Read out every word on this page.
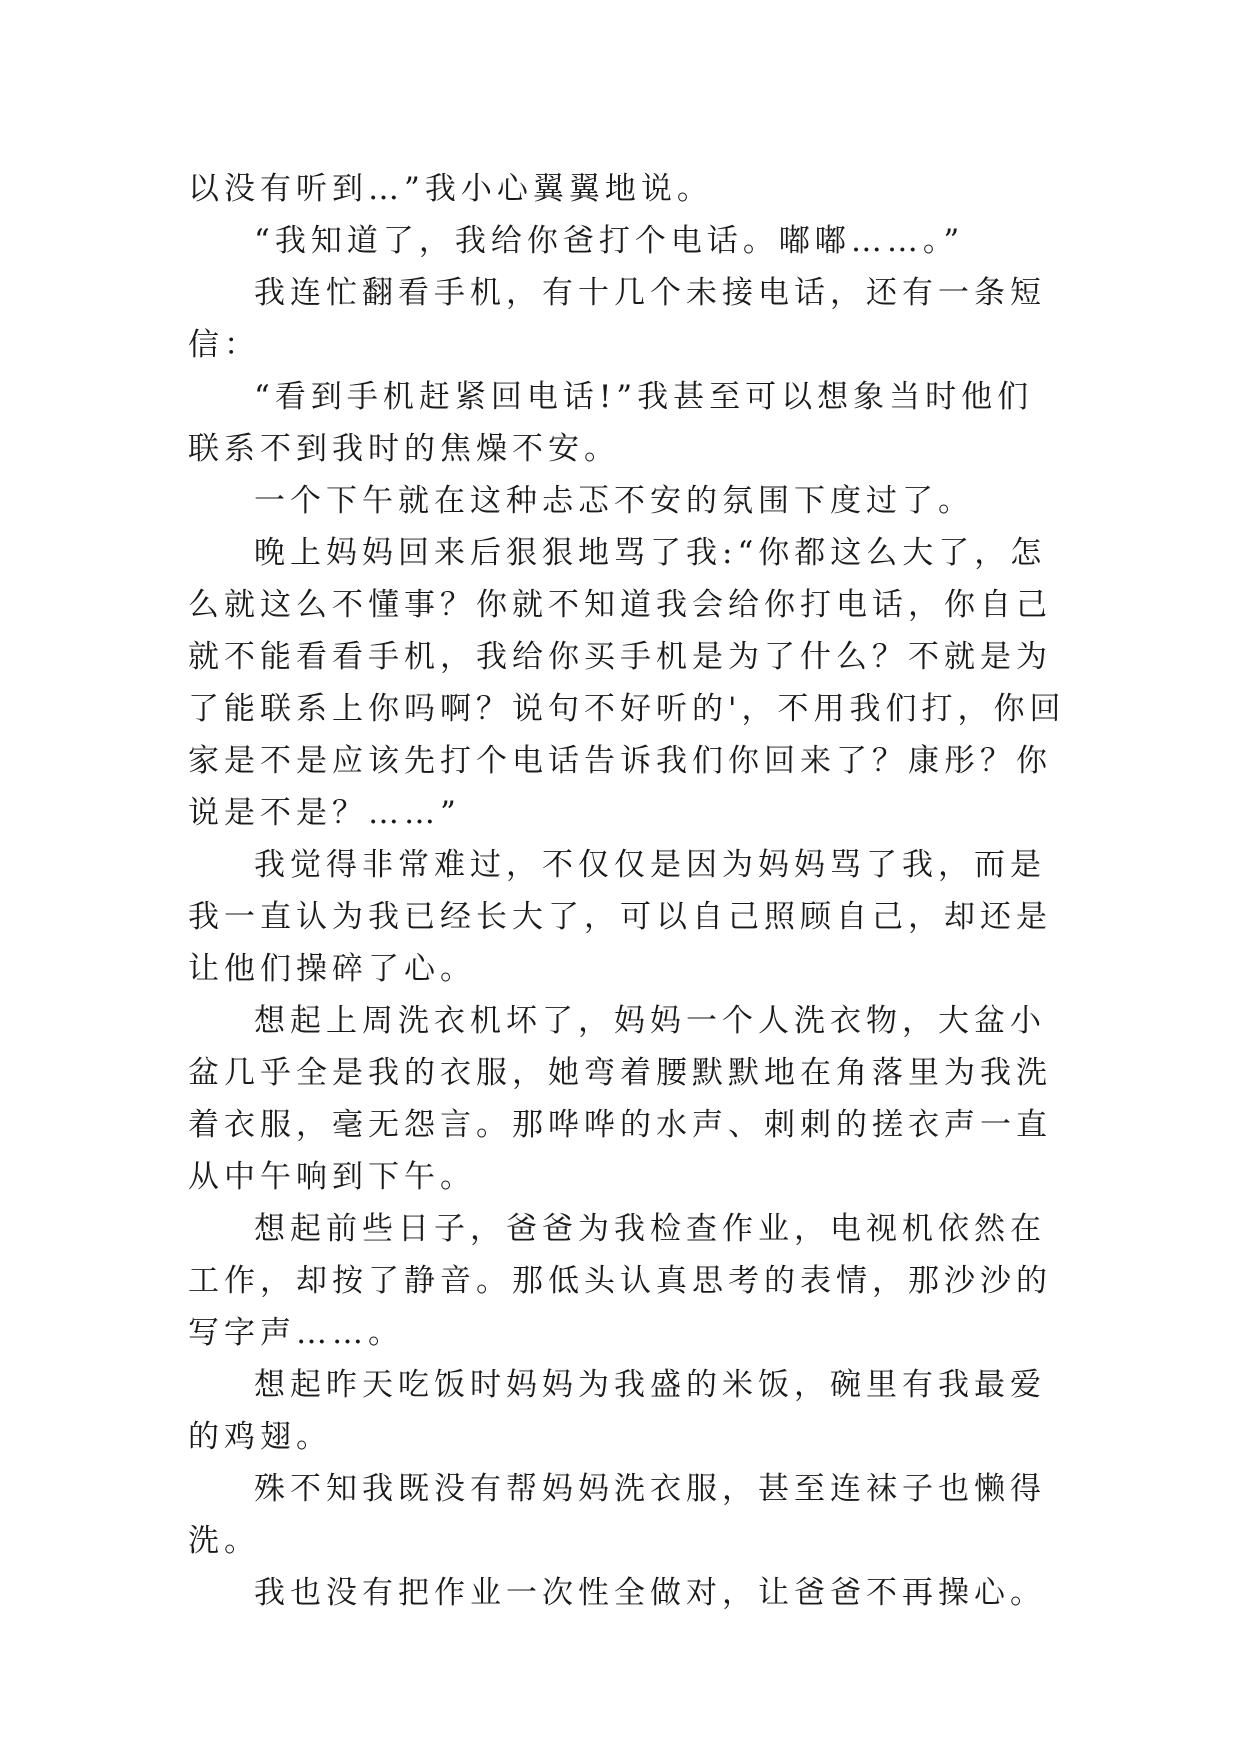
以没有听到…”我小心翼翼地说。

“我知道了，我给你爸打个电话。嘟嘟……。”

我连忙翻看手机，有十几个未接电话，还有一条短信：

“看到手机赶紧回电话!”我甚至可以想象当时他们联系不到我时的焦燥不安。

一个下午就在这种忐忑不安的氛围下度过了。

晚上妈妈回来后狠狠地骂了我:“你都这么大了，怎么就这么不懂事？你就不知道我会给你打电话，你自己就不能看看手机，我给你买手机是为了什么？不就是为了能联系上你吗啊？说句不好听的'，不用我们打，你回家是不是应该先打个电话告诉我们你回来了？康彤？你说是不是？……”

我觉得非常难过，不仅仅是因为妈妈骂了我，而是我一直认为我已经长大了，可以自己照顾自己，却还是让他们操碎了心。

想起上周洗衣机坏了，妈妈一个人洗衣物，大盆小盆几乎全是我的衣服，她弯着腰默默地在角落里为我洗着衣服，毫无怨言。那哗哗的水声、刺刺的搓衣声一直从中午响到下午。

想起前些日子，爸爸为我检查作业，电视机依然在工作，却按了静音。那低头认真思考的表情，那沙沙的写字声……。

想起昨天吃饭时妈妈为我盛的米饭，碗里有我最爱的鸡翅。

殊不知我既没有帮妈妈洗衣服，甚至连袜子也懒得洗。

我也没有把作业一次性全做对，让爸爸不再操心。
